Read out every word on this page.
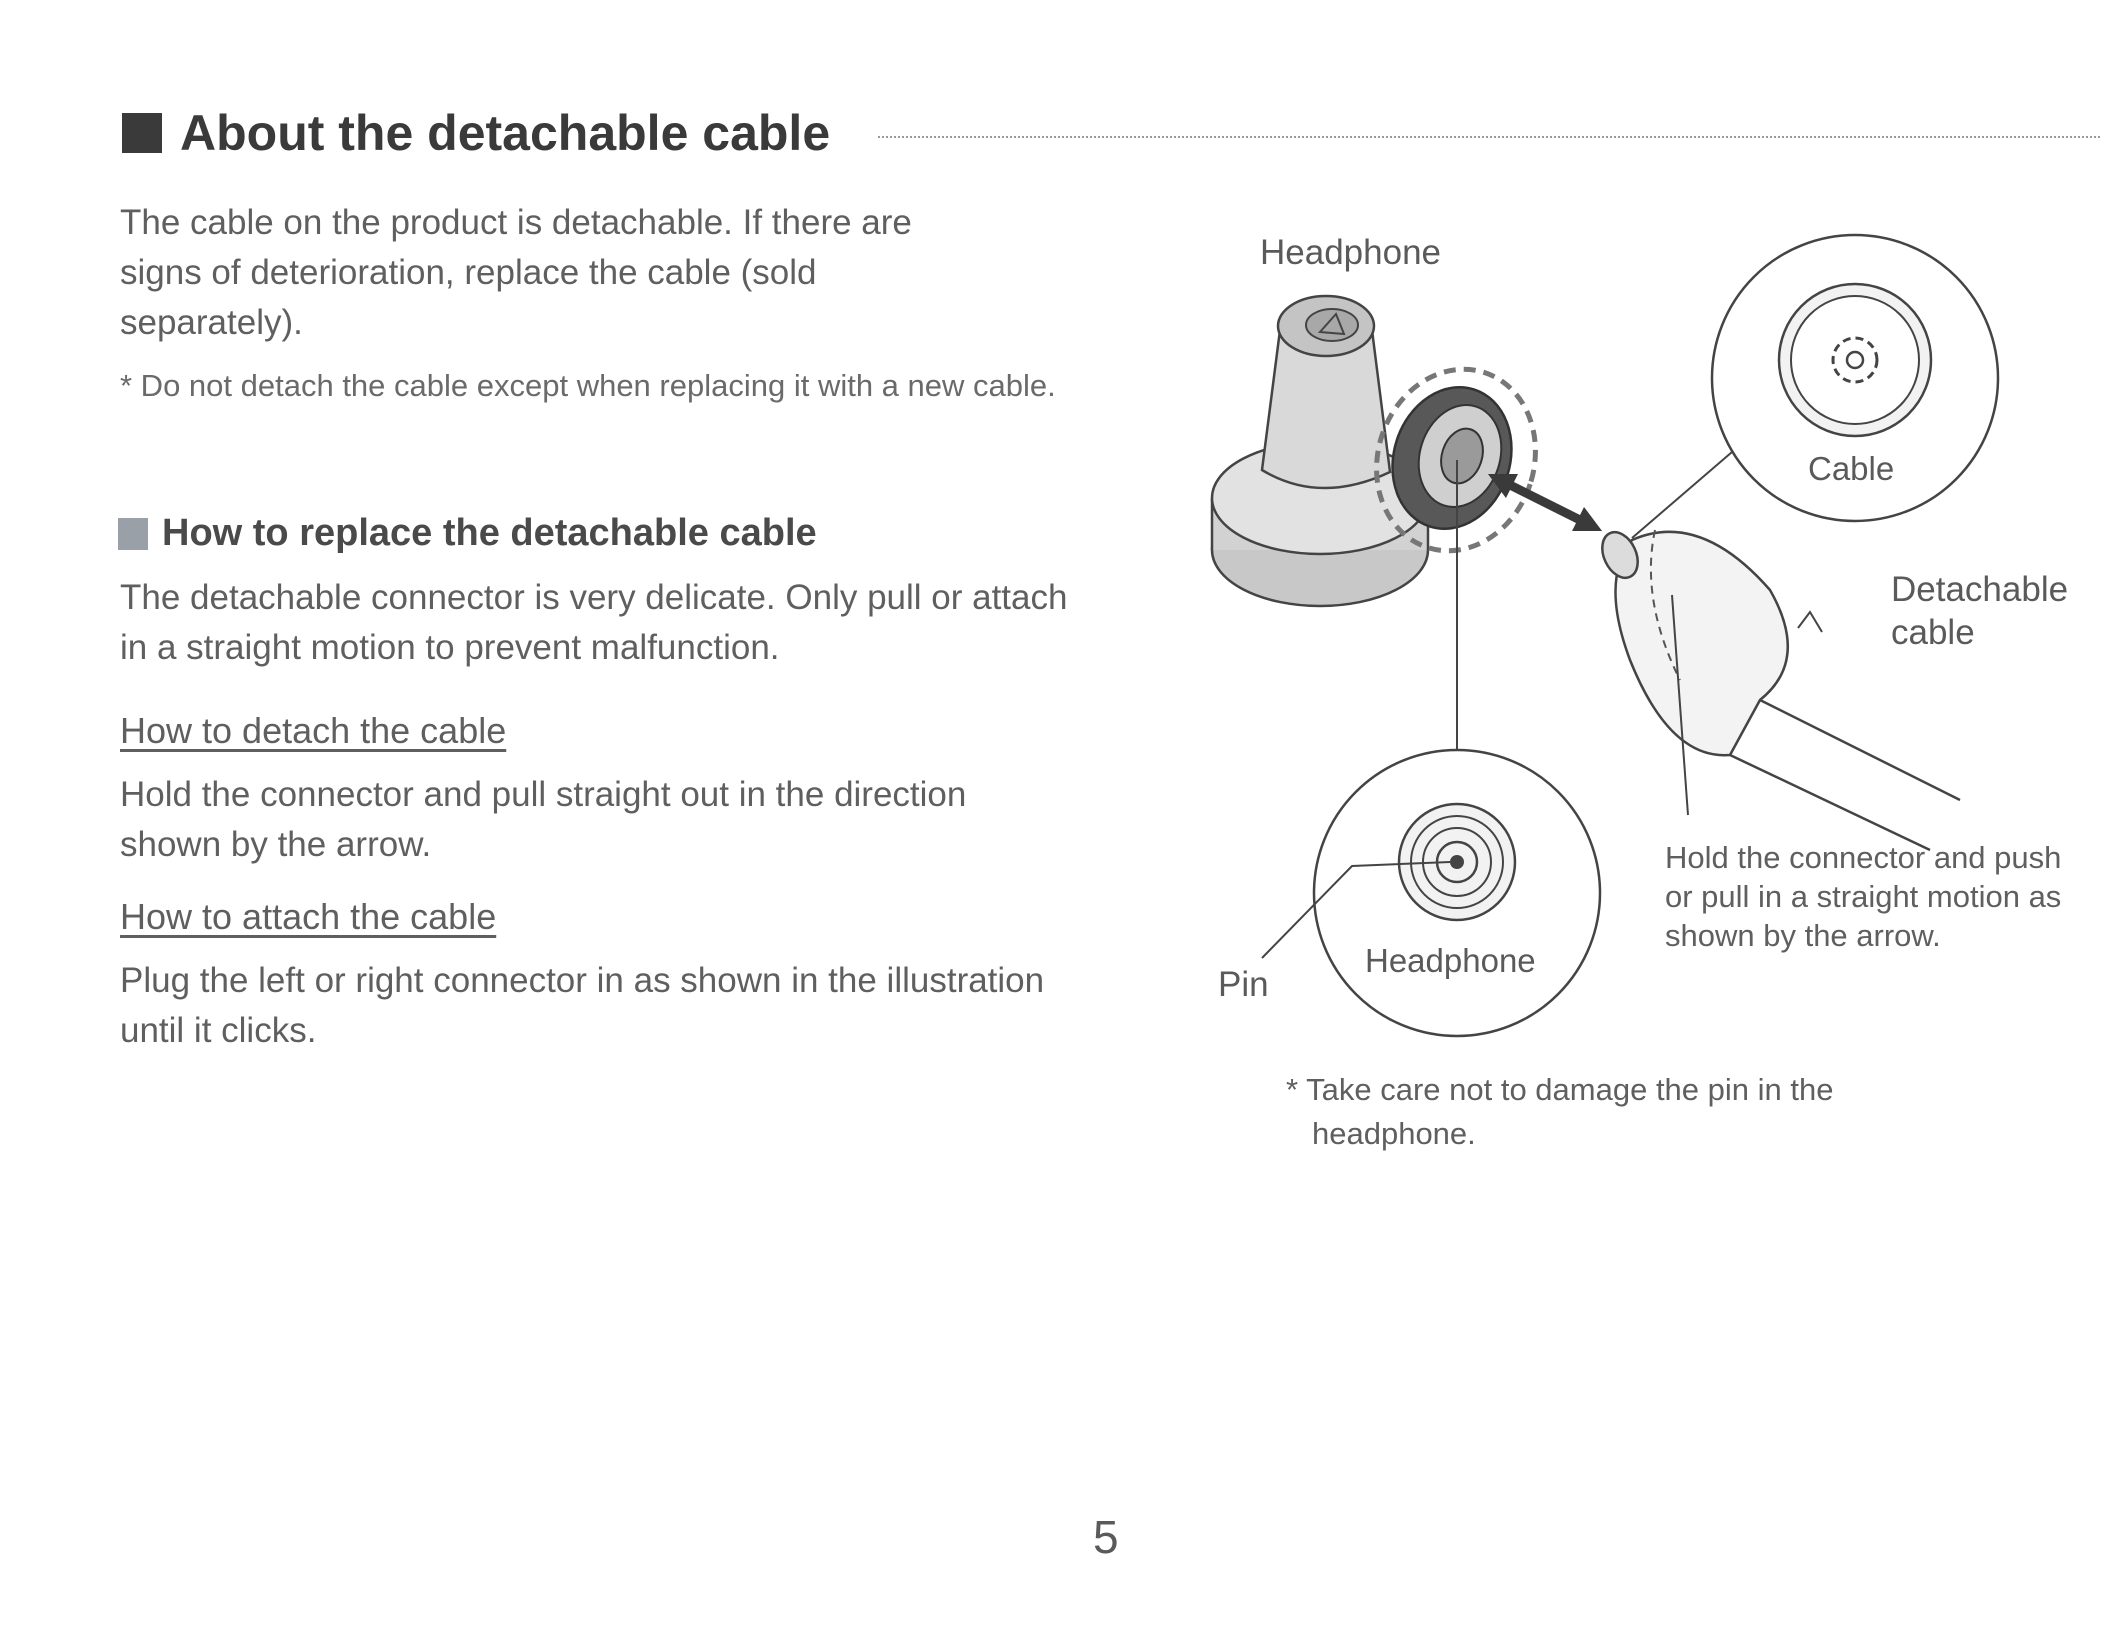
About the detachable cable
The cable on the product is detachable. If there are signs of deterioration, replace the cable (sold separately).
* Do not detach the cable except when replacing it with a new cable.
How to replace the detachable cable
The detachable connector is very delicate. Only pull or attach in a straight motion to prevent malfunction.
How to detach the cable
Hold the connector and pull straight out in the direction shown by the arrow.
How to attach the cable
Plug the left or right connector in as shown in the illustration until it clicks.
Headphone
Cable
Detachable cable
Headphone
Pin
Hold the connector and push or pull in a straight motion as shown by the arrow.
* Take care not to damage the pin in the headphone.
5
